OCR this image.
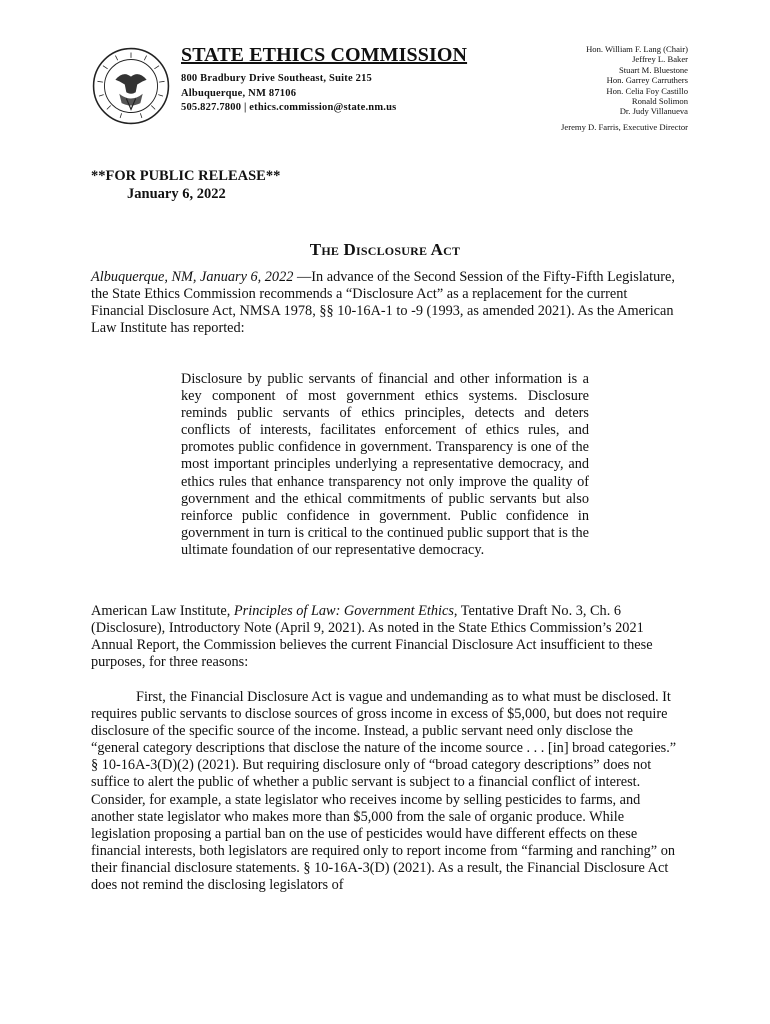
STATE ETHICS COMMISSION
800 Bradbury Drive Southeast, Suite 215
Albuquerque, NM 87106
505.827.7800 | ethics.commission@state.nm.us
Hon. William F. Lang (Chair)
Jeffrey L. Baker
Stuart M. Bluestone
Hon. Garrey Carruthers
Hon. Celia Foy Castillo
Ronald Solimon
Dr. Judy Villanueva
Jeremy D. Farris, Executive Director
**FOR PUBLIC RELEASE**
January 6, 2022
The Disclosure Act

Albuquerque, NM, January 6, 2022 —In advance of the Second Session of the Fifty-Fifth Legislature, the State Ethics Commission recommends a “Disclosure Act” as a replacement for the current Financial Disclosure Act, NMSA 1978, §§ 10-16A-1 to -9 (1993, as amended 2021). As the American Law Institute has reported:

Disclosure by public servants of financial and other information is a key component of most government ethics systems. Disclosure reminds public servants of ethics principles, detects and deters conflicts of interests, facilitates enforcement of ethics rules, and promotes public confidence in government. Transparency is one of the most important principles underlying a representative democracy, and ethics rules that enhance transparency not only improve the quality of government and the ethical commitments of public servants but also reinforce public confidence in government. Public confidence in government in turn is critical to the continued public support that is the ultimate foundation of our representative democracy.

American Law Institute, Principles of Law: Government Ethics, Tentative Draft No. 3, Ch. 6 (Disclosure), Introductory Note (April 9, 2021). As noted in the State Ethics Commission’s 2021 Annual Report, the Commission believes the current Financial Disclosure Act insufficient to these purposes, for three reasons:

First, the Financial Disclosure Act is vague and undemanding as to what must be disclosed. It requires public servants to disclose sources of gross income in excess of $5,000, but does not require disclosure of the specific source of the income. Instead, a public servant need only disclose the “general category descriptions that disclose the nature of the income source . . . [in] broad categories.” § 10-16A-3(D)(2) (2021). But requiring disclosure only of “broad category descriptions” does not suffice to alert the public of whether a public servant is subject to a financial conflict of interest. Consider, for example, a state legislator who receives income by selling pesticides to farms, and another state legislator who makes more than $5,000 from the sale of organic produce. While legislation proposing a partial ban on the use of pesticides would have different effects on these financial interests, both legislators are required only to report income from “farming and ranching” on their financial disclosure statements. § 10-16A-3(D) (2021). As a result, the Financial Disclosure Act does not remind the disclosing legislators of
